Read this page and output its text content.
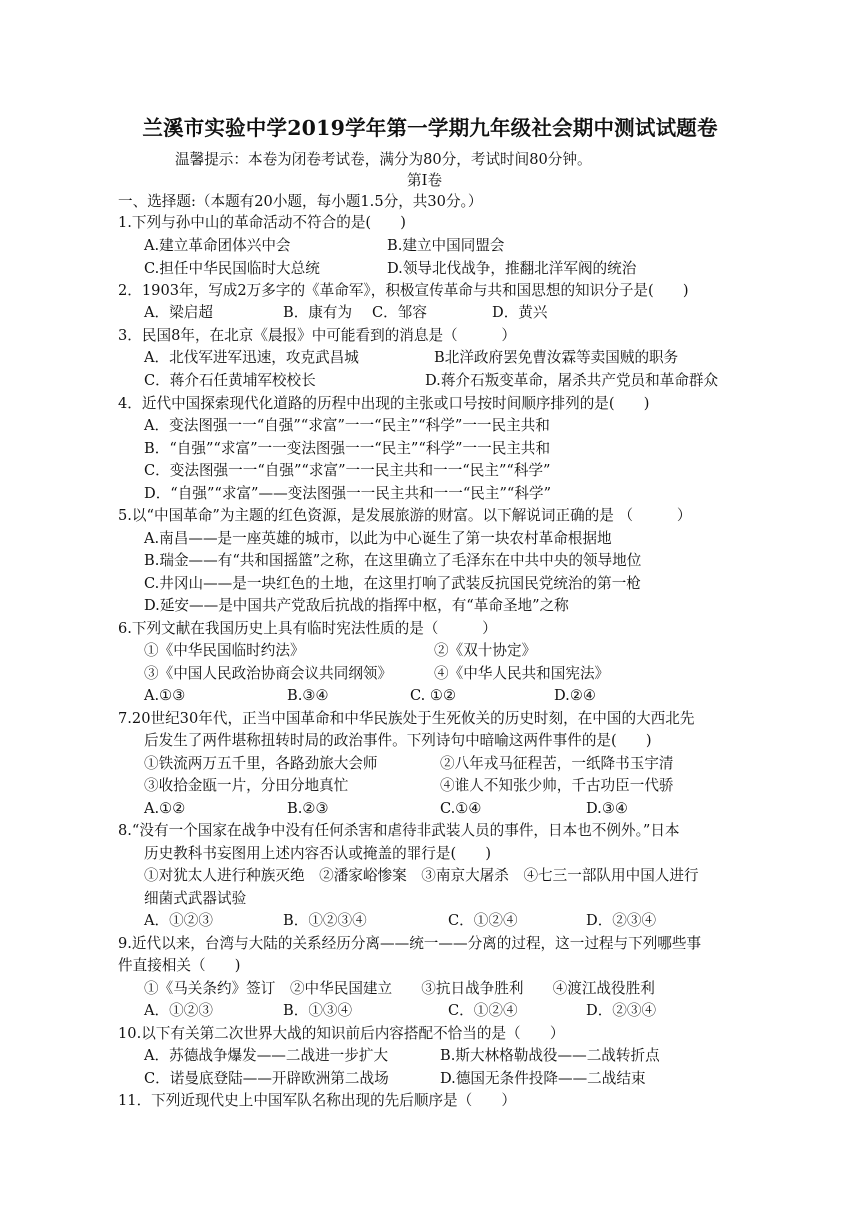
兰溪市实验中学2019学年第一学期九年级社会期中测试试题卷
温馨提示：本卷为闭卷考试卷，满分为80分，考试时间80分钟。
第Ⅰ卷
一、选择题:（本题有20小题，每小题1.5分，共30分。）
1.下列与孙中山的革命活动不符合的是(　　)
A.建立革命团体兴中会	B.建立中国同盟会
C.担任中华民国临时大总统	D.领导北伐战争，推翻北洋军阀的统治
2．1903年，写成2万多字的《革命军》，积极宣传革命与共和国思想的知识分子是(　　)
A．梁启超	B．康有为 C．邹容	D．黄兴
3．民国8年，在北京《晨报》中可能看到的消息是（　　　）
A．北伐军进军迅速，攻克武昌城	B北洋政府罢免曹汝霖等卖国贼的职务
C．蒋介石任黄埔军校校长	D.蒋介石叛变革命，屠杀共产党员和革命群众
4．近代中国探索现代化道路的历程中出现的主张或口号按时间顺序排列的是(　　)
A．变法图强一一“自强”“求富”一一“民主”“科学”一一民主共和
B．“自强”“求富”一一变法图强一一“民主”“科学”一一民主共和
C．变法图强一一“自强”“求富”一一民主共和一一“民主”“科学”
D．“自强”“求富”——变法图强一一民主共和一一“民主”“科学”
5.以“中国革命”为主题的红色资源，是发展旅游的财富。以下解说词正确的是 （　　　）
A.南昌——是一座英雄的城市，以此为中心诞生了第一块农村革命根据地
B.瑞金——有“共和国摇篮”之称，在这里确立了毛泽东在中共中央的领导地位
C.井冈山——是一块红色的土地，在这里打响了武装反抗国民党统治的第一枪
D.延安——是中国共产党敌后抗战的指挥中枢，有“革命圣地”之称
6.下列文献在我国历史上具有临时宪法性质的是（　　　）
①《中华民国临时约法》	②《双十协定》
③《中国人民政治协商会议共同纲领》	④《中华人民共和国宪法》
A.①③	B.③④	C. ①②	D.②④
7.20世纪30年代，正当中国革命和中华民族处于生死攸关的历史时刻，在中国的大西北先
后发生了两件堪称扭转时局的政治事件。下列诗句中暗喻这两件事件的是(　　)
①铁流两万五千里，各路劲旅大会师	②八年戎马征程苦，一纸降书玉宇清
③收拾金瓯一片，分田分地真忙	④谁人不知张少帅，千古功臣一代骄
A.①②	B.②③	C.①④	D.③④
8.“没有一个国家在战争中没有任何杀害和虐待非武装人员的事件，日本也不例外。”日本
历史教科书妄图用上述内容否认或掩盖的罪行是(　　)
①对犹太人进行种族灭绝　②潘家峪惨案　③南京大屠杀　④七三一部队用中国人进行
细菌式武器试验
A．①②③	B．①②③④	C．①②④	D．②③④
9.近代以来，台湾与大陆的关系经历分离——统一——分离的过程，这一过程与下列哪些事
件直接相关（　　)
①《马关条约》签订　②中华民国建立　　③抗日战争胜利　　④渡江战役胜利
A．①②③	B．①③④	C．①②④	D．②③④
10.以下有关第二次世界大战的知识前后内容搭配不恰当的是（　　）
A．苏德战争爆发——二战进一步扩大	B.斯大林格勒战役——二战转折点
C．诺曼底登陆——开辟欧洲第二战场	D.德国无条件投降——二战结束
11．下列近现代史上中国军队名称出现的先后顺序是（　　）
